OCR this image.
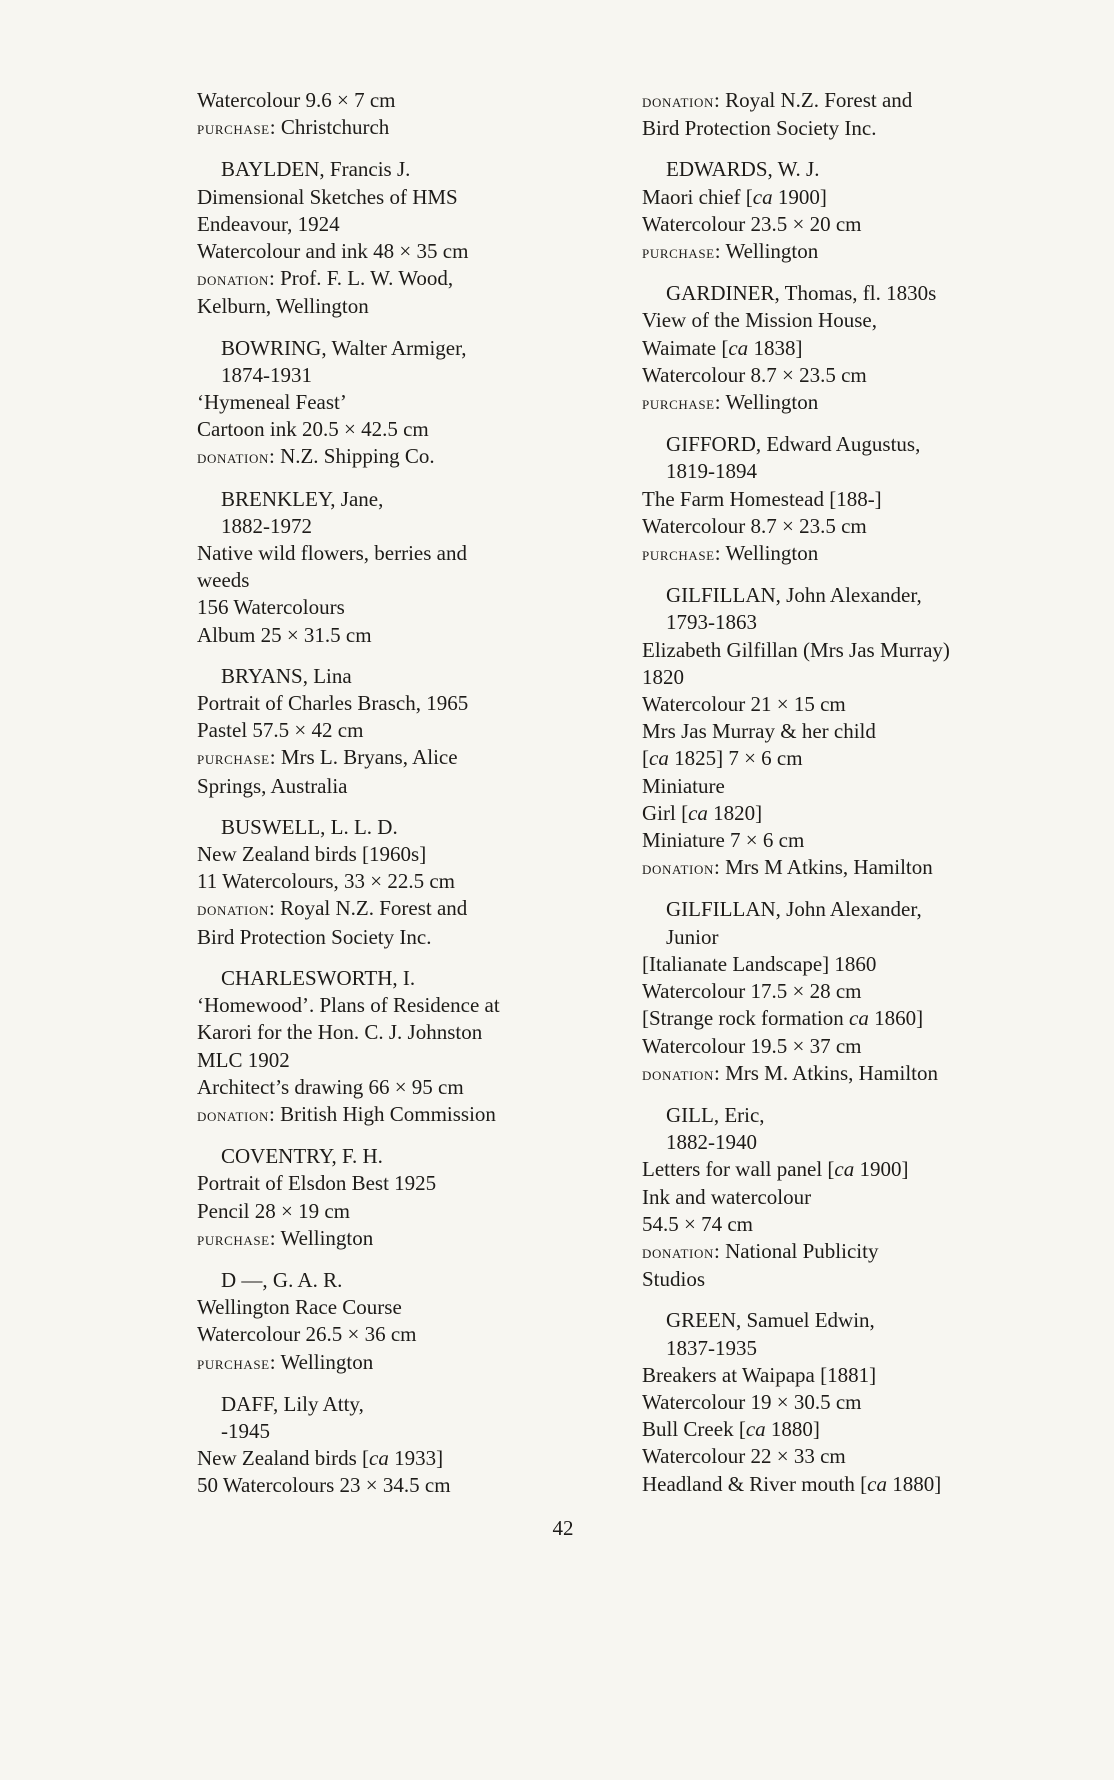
Watercolour 9.6 × 7 cm
purchase: Christchurch
BAYLDEN, Francis J.
Dimensional Sketches of HMS
Endeavour, 1924
Watercolour and ink 48 × 35 cm
donation: Prof. F. L. W. Wood,
Kelburn, Wellington
BOWRING, Walter Armiger,
1874-1931
‘Hymeneal Feast’
Cartoon ink 20.5 × 42.5 cm
donation: N.Z. Shipping Co.
BRENKLEY, Jane,
1882-1972
Native wild flowers, berries and
weeds
156 Watercolours
Album 25 × 31.5 cm
BRYANS, Lina
Portrait of Charles Brasch, 1965
Pastel 57.5 × 42 cm
purchase: Mrs L. Bryans, Alice
Springs, Australia
BUSWELL, L. L. D.
New Zealand birds [1960s]
11 Watercolours, 33 × 22.5 cm
donation: Royal N.Z. Forest and
Bird Protection Society Inc.
CHARLESWORTH, I.
‘Homewood’. Plans of Residence at
Karori for the Hon. C. J. Johnston
MLC 1902
Architect’s drawing 66 × 95 cm
donation: British High Commission
COVENTRY, F. H.
Portrait of Elsdon Best 1925
Pencil 28 × 19 cm
purchase: Wellington
D —, G. A. R.
Wellington Race Course
Watercolour 26.5 × 36 cm
purchase: Wellington
DAFF, Lily Atty,
-1945
New Zealand birds [ca 1933]
50 Watercolours 23 × 34.5 cm
donation: Royal N.Z. Forest and
Bird Protection Society Inc.
EDWARDS, W. J.
Maori chief [ca 1900]
Watercolour 23.5 × 20 cm
purchase: Wellington
GARDINER, Thomas, fl. 1830s
View of the Mission House,
Waimate [ca 1838]
Watercolour 8.7 × 23.5 cm
purchase: Wellington
GIFFORD, Edward Augustus,
1819-1894
The Farm Homestead [188-]
Watercolour 8.7 × 23.5 cm
purchase: Wellington
GILFILLAN, John Alexander,
1793-1863
Elizabeth Gilfillan (Mrs Jas Murray)
1820
Watercolour 21 × 15 cm
Mrs Jas Murray & her child
[ca 1825] 7 × 6 cm
Miniature
Girl [ca 1820]
Miniature 7 × 6 cm
donation: Mrs M Atkins, Hamilton
GILFILLAN, John Alexander,
Junior
[Italianate Landscape] 1860
Watercolour 17.5 × 28 cm
[Strange rock formation ca 1860]
Watercolour 19.5 × 37 cm
donation: Mrs M. Atkins, Hamilton
GILL, Eric,
1882-1940
Letters for wall panel [ca 1900]
Ink and watercolour
54.5 × 74 cm
donation: National Publicity
Studios
GREEN, Samuel Edwin,
1837-1935
Breakers at Waipapa [1881]
Watercolour 19 × 30.5 cm
Bull Creek [ca 1880]
Watercolour 22 × 33 cm
Headland & River mouth [ca 1880]
42
